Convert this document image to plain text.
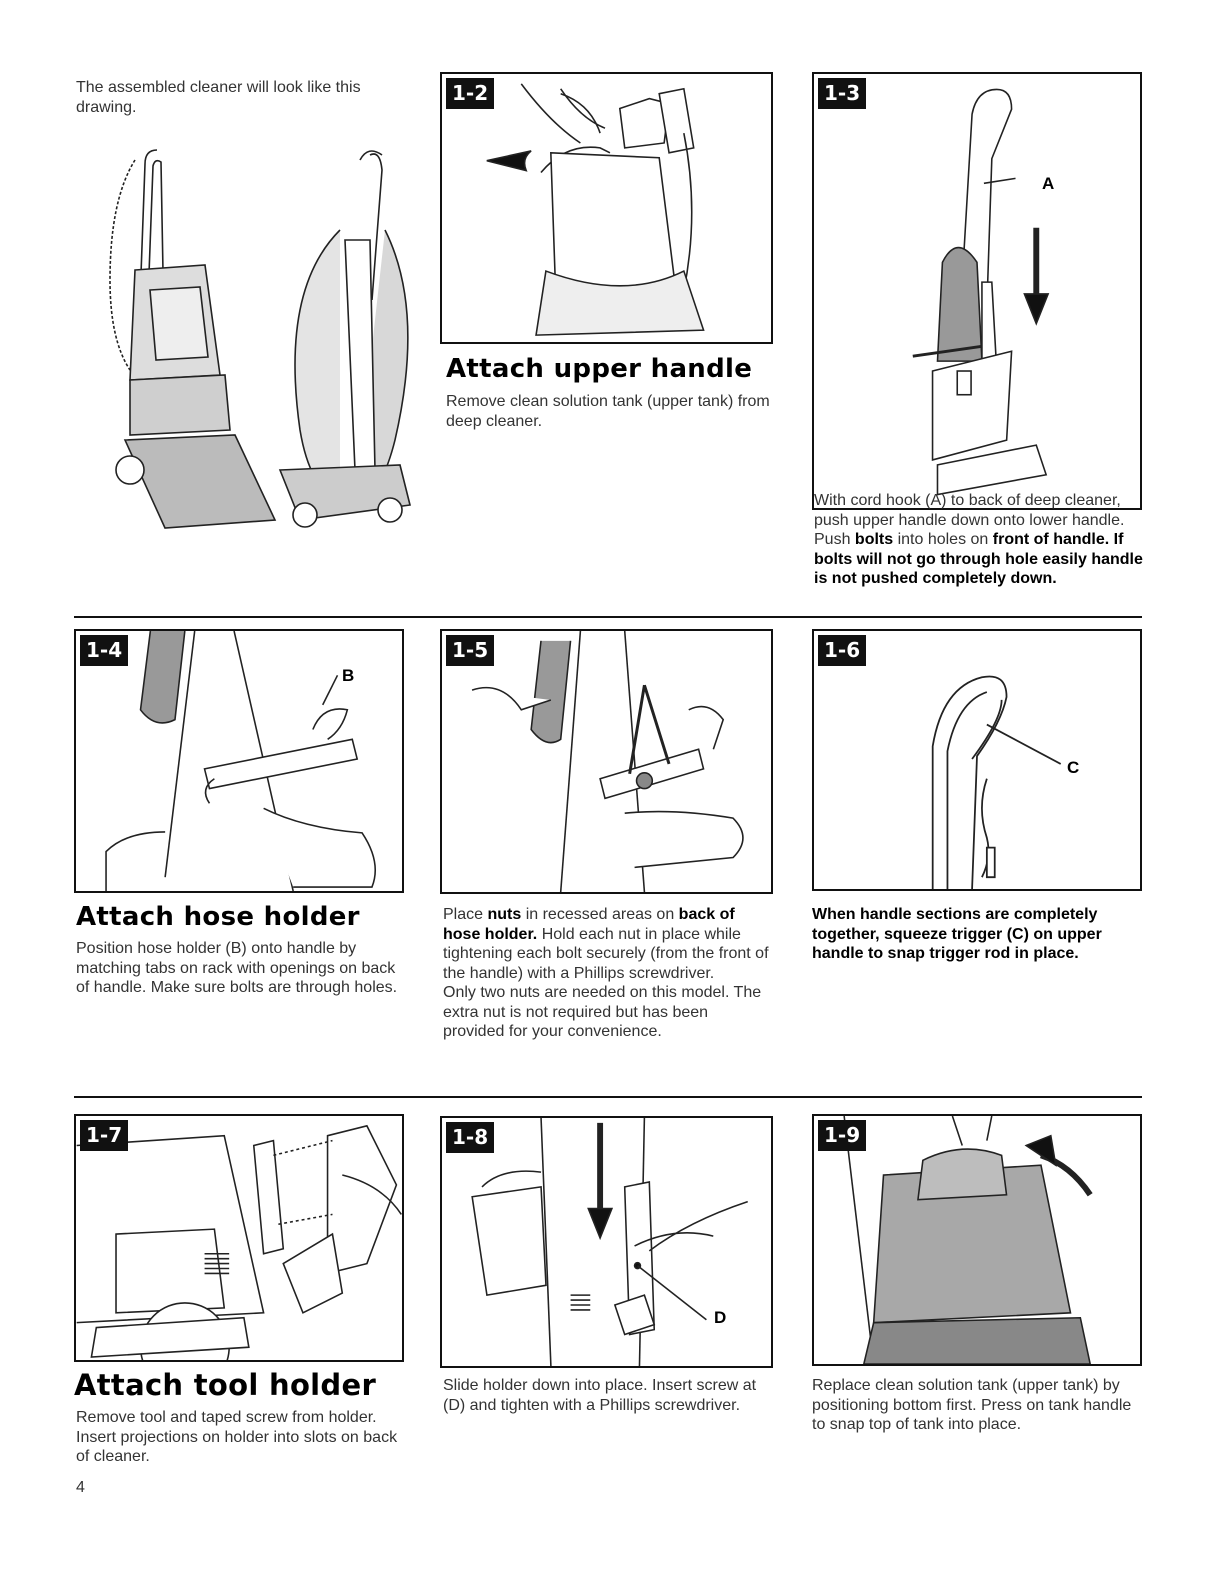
The assembled cleaner will look like this drawing.
1-2
Attach upper handle
Remove clean solution tank (upper tank) from deep cleaner.
1-3
A
With cord hook (A) to back of deep cleaner, push upper handle down onto lower handle. Push bolts into holes on front of handle. If bolts will not go through hole easily handle is not pushed completely down.
1-4
B
Attach hose holder
Position hose holder (B) onto handle by matching tabs on rack with openings on back of handle. Make sure bolts are through holes.
1-5
Place nuts in recessed areas on back of hose holder. Hold each nut in place while tightening each bolt securely (from the front of the handle) with a Phillips screwdriver.
Only two nuts are needed on this model. The extra nut is not required but has been provided for your convenience.
1-6
C
When handle sections are completely together, squeeze trigger (C) on upper handle to snap trigger rod in place.
1-7
Attach tool holder
Remove tool and taped screw from holder. Insert projections on holder into slots on back of cleaner.
1-8
D
Slide holder down into place. Insert screw at (D) and tighten with a Phillips screwdriver.
1-9
Replace clean solution tank (upper tank) by positioning bottom first. Press on tank handle to snap top of tank into place.
4
